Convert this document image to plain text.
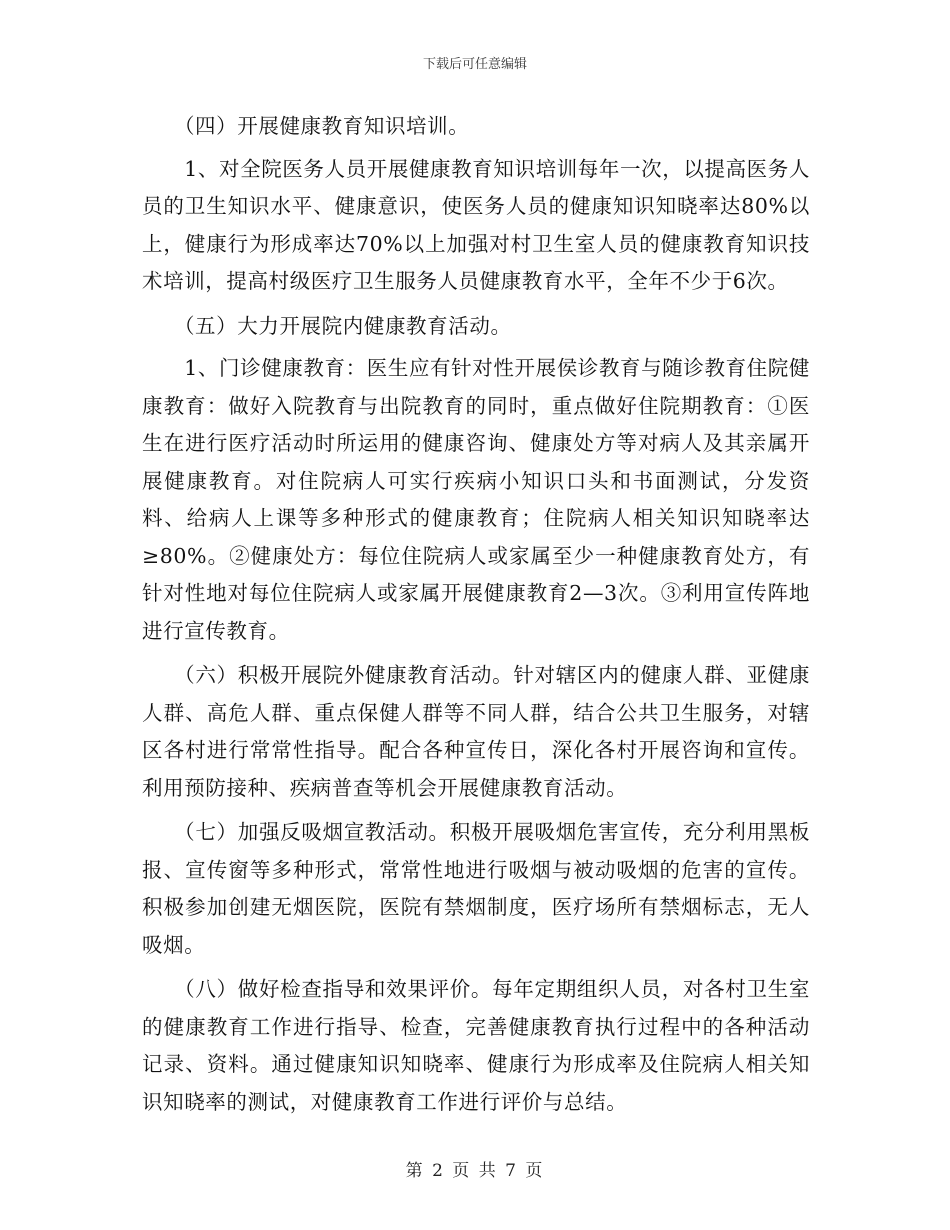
下载后可任意编辑

　　（四）开展健康教育知识培训。

　　1、对全院医务人员开展健康教育知识培训每年一次，以提高医务人员的卫生知识水平、健康意识，使医务人员的健康知识知晓率达80%以上，健康行为形成率达70%以上加强对村卫生室人员的健康教育知识技术培训，提高村级医疗卫生服务人员健康教育水平，全年不少于6次。

　　（五）大力开展院内健康教育活动。

　　1、门诊健康教育：医生应有针对性开展侯诊教育与随诊教育住院健康教育：做好入院教育与出院教育的同时，重点做好住院期教育：①医生在进行医疗活动时所运用的健康咨询、健康处方等对病人及其亲属开展健康教育。对住院病人可实行疾病小知识口头和书面测试，分发资料、给病人上课等多种形式的健康教育；住院病人相关知识知晓率达≥80%。②健康处方：每位住院病人或家属至少一种健康教育处方，有针对性地对每位住院病人或家属开展健康教育2—3次。③利用宣传阵地进行宣传教育。

　　（六）积极开展院外健康教育活动。针对辖区内的健康人群、亚健康人群、高危人群、重点保健人群等不同人群，结合公共卫生服务，对辖区各村进行常常性指导。配合各种宣传日，深化各村开展咨询和宣传。利用预防接种、疾病普查等机会开展健康教育活动。

　　（七）加强反吸烟宣教活动。积极开展吸烟危害宣传，充分利用黑板报、宣传窗等多种形式，常常性地进行吸烟与被动吸烟的危害的宣传。积极参加创建无烟医院，医院有禁烟制度，医疗场所有禁烟标志，无人吸烟。

　　（八）做好检查指导和效果评价。每年定期组织人员，对各村卫生室的健康教育工作进行指导、检查，完善健康教育执行过程中的各种活动记录、资料。通过健康知识知晓率、健康行为形成率及住院病人相关知识知晓率的测试，对健康教育工作进行评价与总结。

第 2 页 共 7 页
